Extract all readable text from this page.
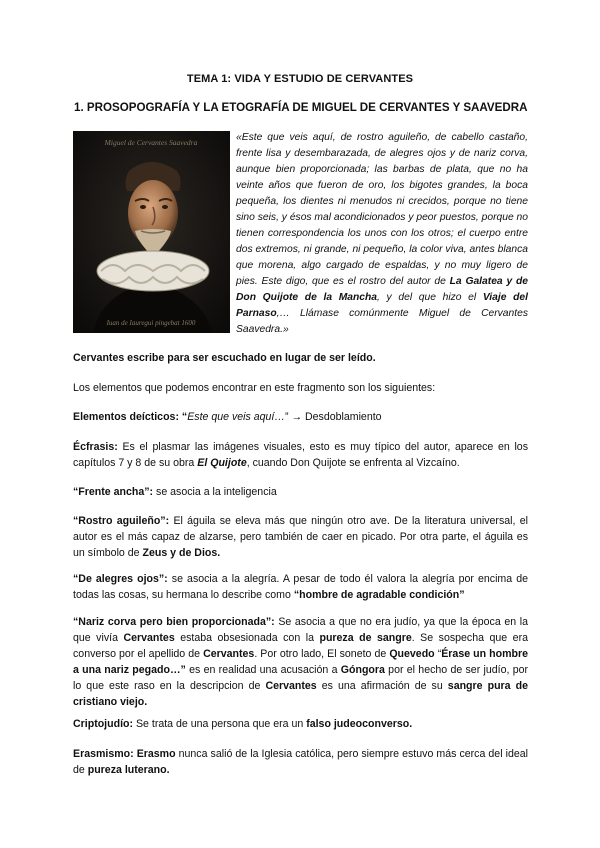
TEMA 1: VIDA Y ESTUDIO DE CERVANTES
1. PROSOPOGRAFÍA Y LA ETOGRAFÍA DE MIGUEL DE CERVANTES Y SAAVEDRA
Miguel de Cervantes Saavedra
Iuan de Iauregui pingebat 1600
«Este que veis aquí, de rostro aguileño, de cabello castaño, frente lisa y desembarazada, de alegres ojos y de nariz corva, aunque bien proporcionada; las barbas de plata, que no ha veinte años que fueron de oro, los bigotes grandes, la boca pequeña, los dientes ni menudos ni crecidos, porque no tiene sino seis, y ésos mal acondicionados y peor puestos, porque no tienen correspondencia los unos con los otros; el cuerpo entre dos extremos, ni grande, ni pequeño, la color viva, antes blanca que morena, algo cargado de espaldas, y no muy ligero de pies. Este digo, que es el rostro del autor de La Galatea y de Don Quijote de la Mancha, y del que hizo el Viaje del Parnaso,… Llámase comúnmente Miguel de Cervantes Saavedra.»
Cervantes escribe para ser escuchado en lugar de ser leído.
Los elementos que podemos encontrar en este fragmento son los siguientes:
Elementos deícticos: “Este que veis aquí…” → Desdoblamiento
Écfrasis: Es el plasmar las imágenes visuales, esto es muy típico del autor, aparece en los capítulos 7 y 8 de su obra El Quijote, cuando Don Quijote se enfrenta al Vizcaíno.
“Frente ancha”: se asocia a la inteligencia
“Rostro aguileño”: El águila se eleva más que ningún otro ave. De la literatura universal, el autor es el más capaz de alzarse, pero también de caer en picado. Por otra parte, el águila es un símbolo de Zeus y de Dios.
“De alegres ojos”: se asocia a la alegría. A pesar de todo él valora la alegría por encima de todas las cosas, su hermana lo describe como “hombre de agradable condición”
“Nariz corva pero bien proporcionada”: Se asocia a que no era judío, ya que la época en la que vivía Cervantes estaba obsesionada con la pureza de sangre. Se sospecha que era converso por el apellido de Cervantes. Por otro lado, El soneto de Quevedo “Érase un hombre a una nariz pegado…” es en realidad una acusación a Góngora por el hecho de ser judío, por lo que este raso en la descripcion de Cervantes es una afirmación de su sangre pura de cristiano viejo.
Criptojudío: Se trata de una persona que era un falso judeoconverso.
Erasmismo: Erasmo nunca salió de la Iglesia católica, pero siempre estuvo más cerca del ideal de pureza luterano.
